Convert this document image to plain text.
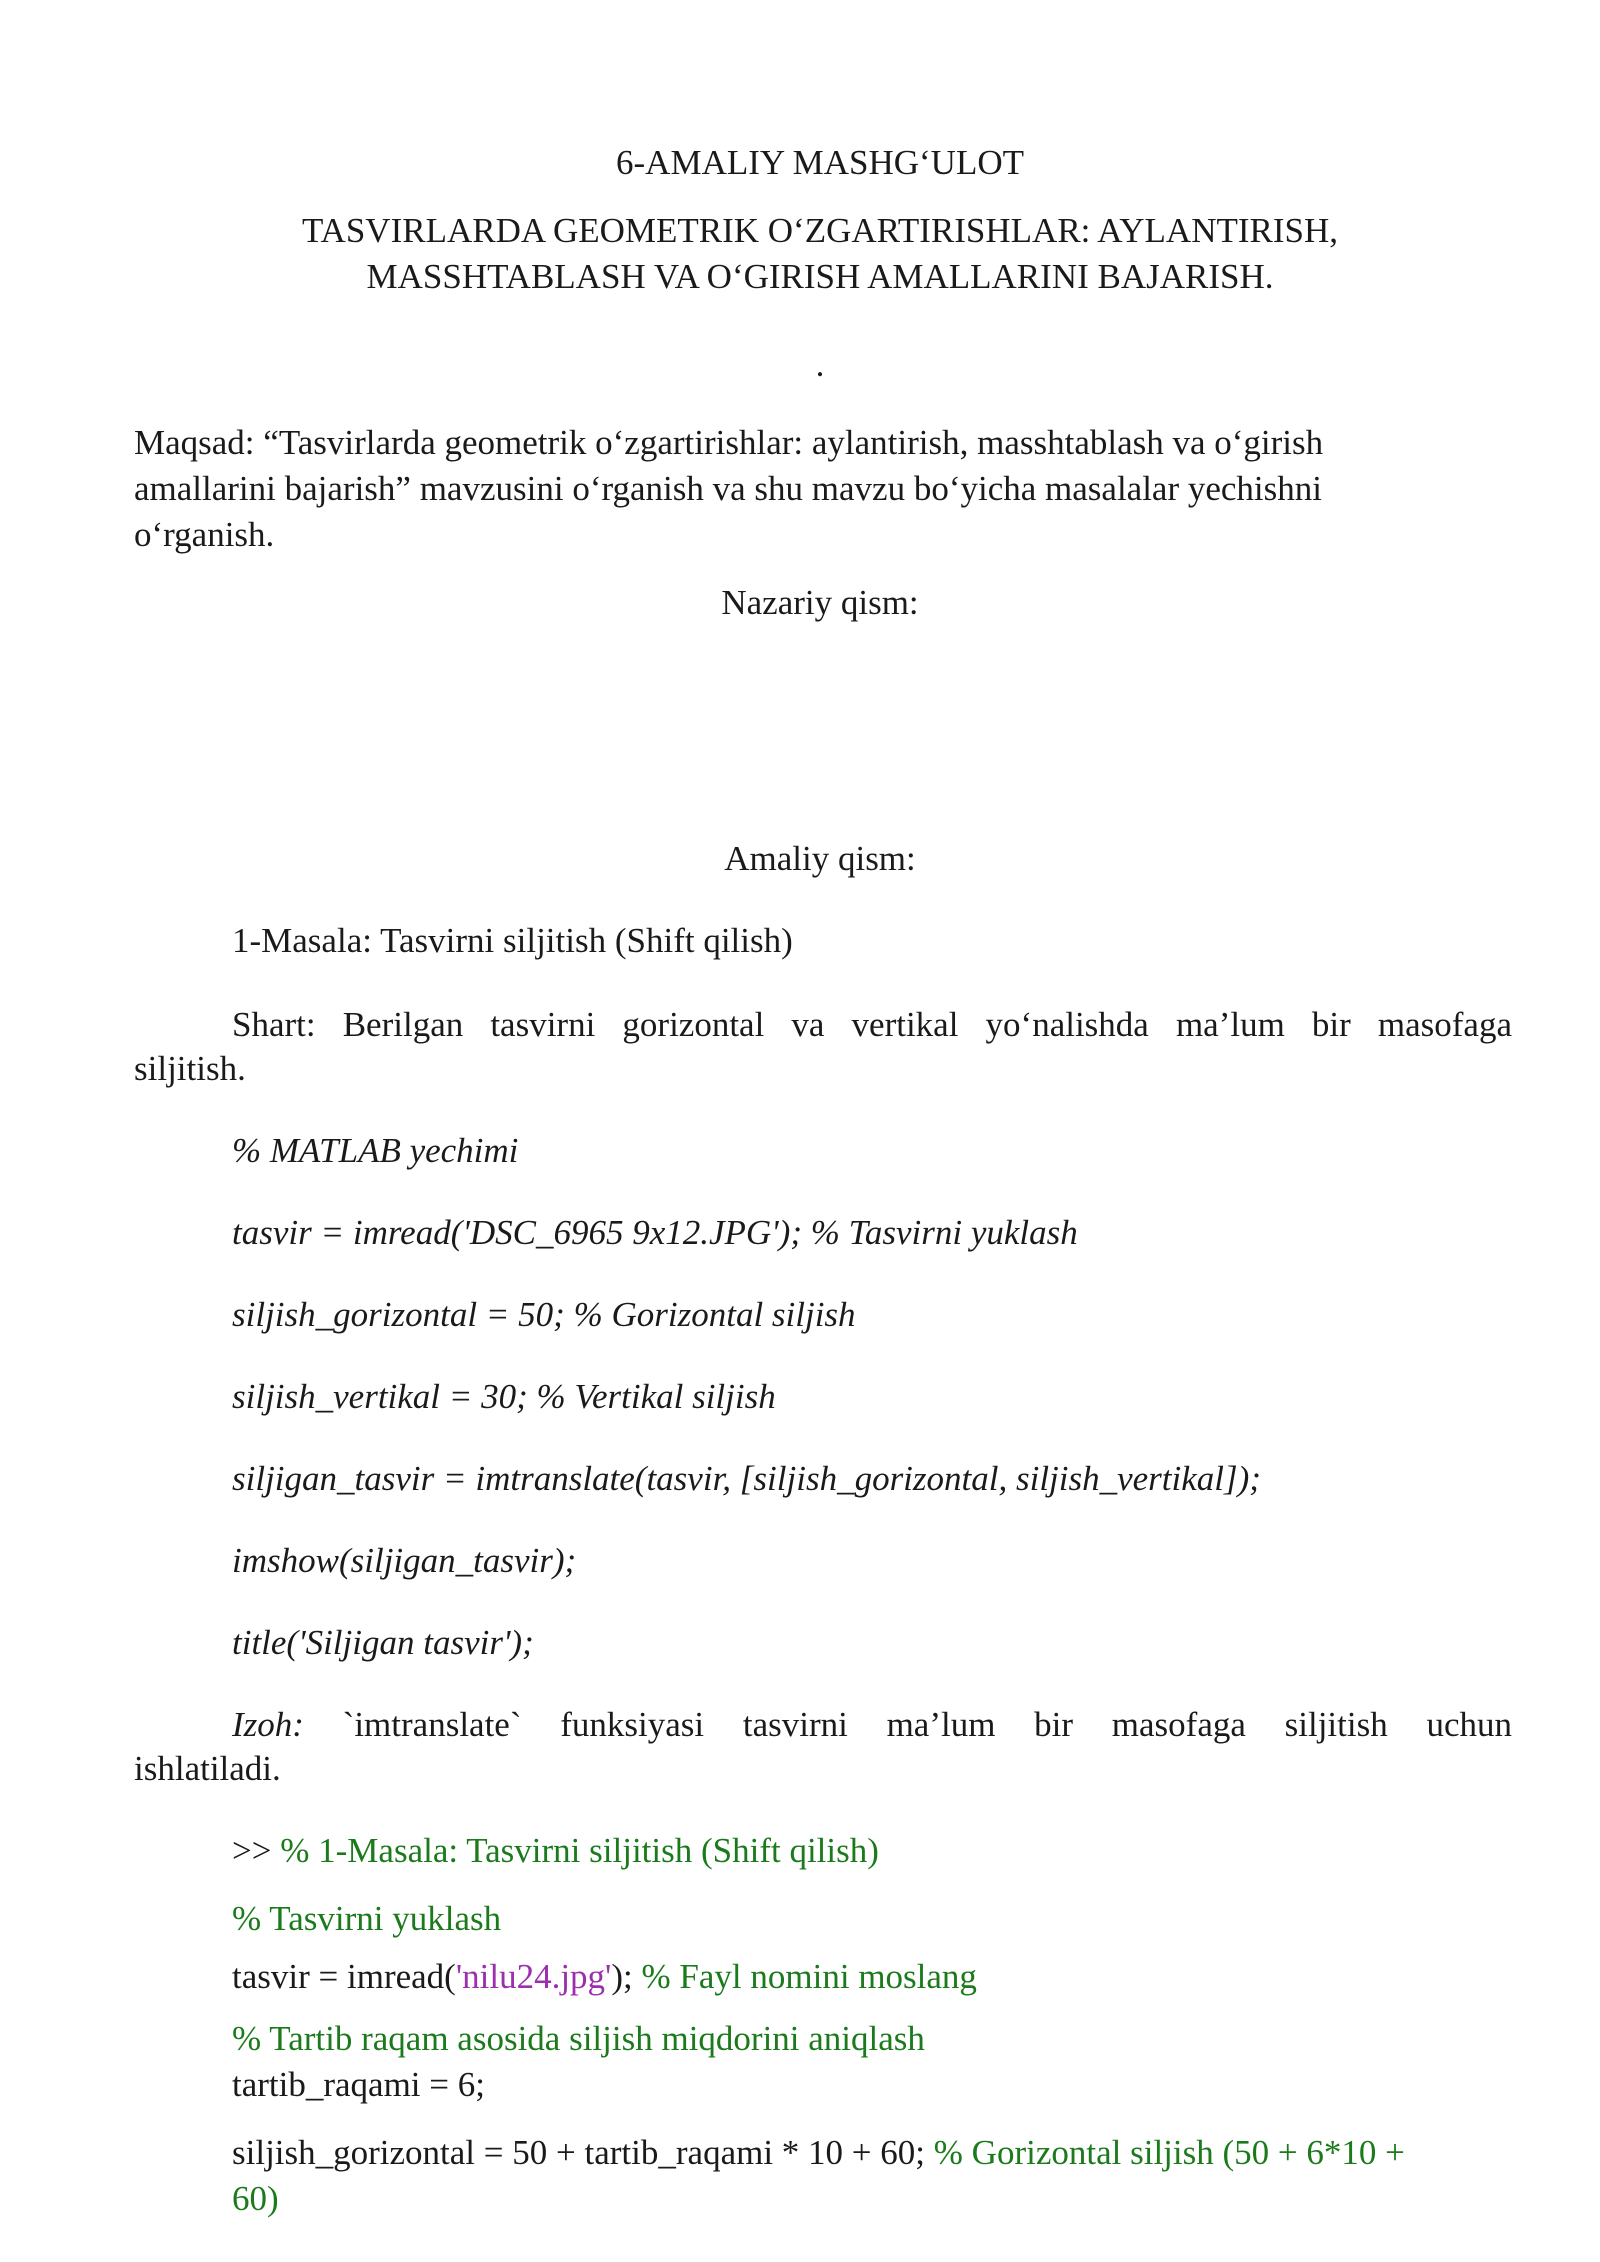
6-AMALIY MASHG‘ULOT

TASVIRLARDA GEOMETRIK O‘ZGARTIRISHLAR: AYLANTIRISH,

MASSHTABLASH VA O‘GIRISH AMALLARINI BAJARISH.

.

Maqsad: “Tasvirlarda geometrik o‘zgartirishlar: aylantirish, masshtablash va o‘girish

amallarini bajarish” mavzusini o‘rganish va shu mavzu bo‘yicha masalalar yechishni

o‘rganish.

Nazariy qism:

Amaliy qism:

1-Masala: Tasvirni siljitish (Shift qilish)

Shart: Berilgan tasvirni gorizontal va vertikal yo‘nalishda ma’lum bir masofaga

siljitish.

% MATLAB yechimi

tasvir = imread('DSC_6965 9x12.JPG'); % Tasvirni yuklash

siljish_gorizontal = 50; % Gorizontal siljish

siljish_vertikal = 30; % Vertikal siljish

siljigan_tasvir = imtranslate(tasvir, [siljish_gorizontal, siljish_vertikal]);

imshow(siljigan_tasvir);

title('Siljigan tasvir');

Izoh: `imtranslate` funksiyasi tasvirni ma’lum bir masofaga siljitish uchun

ishlatiladi.

>> % 1-Masala: Tasvirni siljitish (Shift qilish)

% Tasvirni yuklash

tasvir = imread('nilu24.jpg'); % Fayl nomini moslang

% Tartib raqam asosida siljish miqdorini aniqlash

tartib_raqami = 6;

siljish_gorizontal = 50 + tartib_raqami * 10 + 60; % Gorizontal siljish (50 + 6*10 +

60)
